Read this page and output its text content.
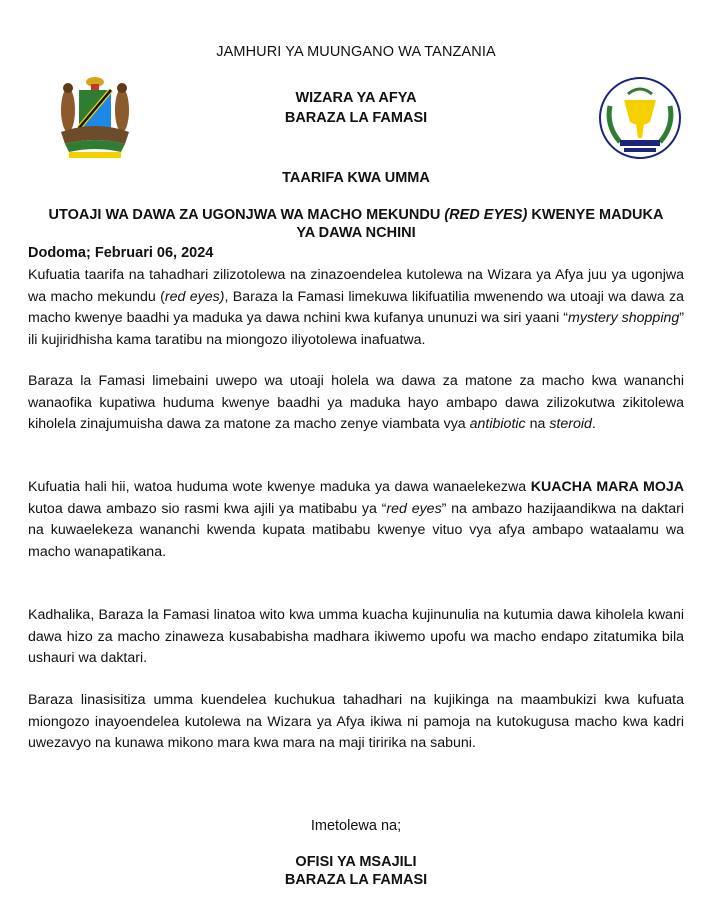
JAMHURI YA MUUNGANO WA TANZANIA
WIZARA YA AFYA
BARAZA LA FAMASI
TAARIFA KWA UMMA
UTOAJI WA DAWA ZA UGONJWA WA MACHO MEKUNDU (RED EYES) KWENYE MADUKA YA DAWA NCHINI
Dodoma; Februari 06, 2024
Kufuatia taarifa na tahadhari zilizotolewa na zinazoendelea kutolewa na Wizara ya Afya juu ya ugonjwa wa macho mekundu (red eyes), Baraza la Famasi limekuwa likifuatilia mwenendo wa utoaji wa dawa za macho kwenye baadhi ya maduka ya dawa nchini kwa kufanya ununuzi wa siri yaani “mystery shopping” ili kujiridhisha kama taratibu na miongozo iliyotolewa inafuatwa.
Baraza la Famasi limebaini uwepo wa utoaji holela wa dawa za matone za macho kwa wananchi wanaofika kupatiwa huduma kwenye baadhi ya maduka hayo ambapo dawa zilizokutwa zikitolewa kiholela zinajumuisha dawa za matone za macho zenye viambata vya antibiotic na steroid.
Kufuatia hali hii, watoa huduma wote kwenye maduka ya dawa wanaelekezwa KUACHA MARA MOJA kutoa dawa ambazo sio rasmi kwa ajili ya matibabu ya “red eyes” na ambazo hazijaandikwa na daktari na kuwaelekeza wananchi kwenda kupata matibabu kwenye vituo vya afya ambapo wataalamu wa macho wanapatikana.
Kadhalika, Baraza la Famasi linatoa wito kwa umma kuacha kujinunulia na kutumia dawa kiholela kwani dawa hizo za macho zinaweza kusababisha madhara ikiwemo upofu wa macho endapo zitatumika bila ushauri wa daktari.
Baraza linasisitiza umma kuendelea kuchukua tahadhari na kujikinga na maambukizi kwa kufuata miongozo inayoendelea kutolewa na Wizara ya Afya ikiwa ni pamoja na kutokugusa macho kwa kadri uwezavyo na kunawa mikono mara kwa mara na maji tiririka na sabuni.
Imetolewa na;
OFISI YA MSAJILI
BARAZA LA FAMASI
